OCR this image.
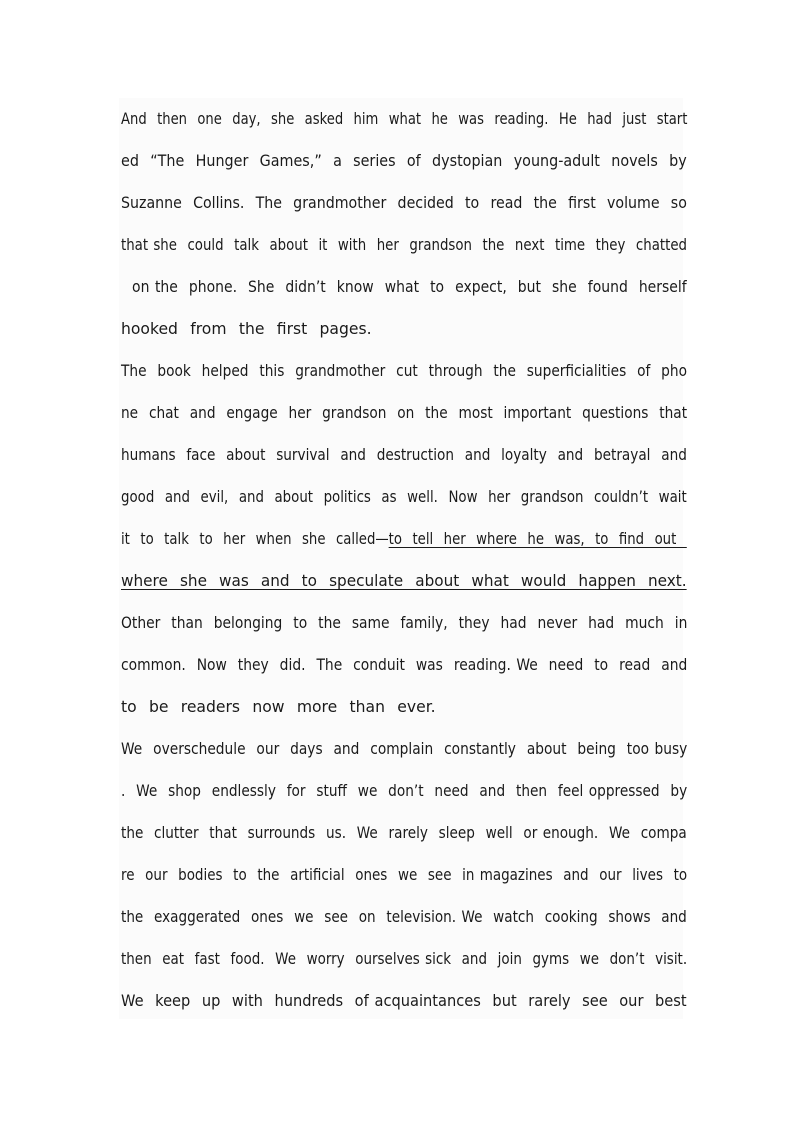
And  then  one  day,  she  asked  him  what  he  was  reading.  He  had  just  start
ed  “The  Hunger  Games,”  a  series  of  dystopian  young-adult  novels  by
Suzanne  Collins.  The  grandmother  decided  to  read  the  first  volume  so
that she  could  talk  about  it  with  her  grandson  the  next  time  they  chatted
on the  phone.  She  didn’t  know  what  to  expect,  but  she  found  herself
hooked  from  the  first  pages.
The  book  helped  this  grandmother  cut  through  the  superficialities  of  pho
ne  chat  and  engage  her  grandson  on  the  most  important  questions  that
humans  face  about  survival  and  destruction  and  loyalty  and  betrayal  and
good  and  evil,  and  about  politics  as  well.  Now  her  grandson  couldn’t  wait
it  to  talk  to  her  when  she  called—to  tell  her  where  he  was,  to  find  out
where  she  was  and  to  speculate  about  what  would  happen  next.
Other  than  belonging  to  the  same  family,  they  had  never  had  much  in
common.  Now  they  did.  The  conduit  was  reading. We  need  to  read  and
to  be  readers  now  more  than  ever.
We  overschedule  our  days  and  complain  constantly  about  being  too busy
.  We  shop  endlessly  for  stuff  we  don’t  need  and  then  feel oppressed  by
the  clutter  that  surrounds  us.  We  rarely  sleep  well  or enough.  We  compa
re  our  bodies  to  the  artificial  ones  we  see  in magazines  and  our  lives  to
the  exaggerated  ones  we  see  on  television. We  watch  cooking  shows  and
then  eat  fast  food.  We  worry  ourselves sick  and  join  gyms  we  don’t  visit.
We  keep  up  with  hundreds  of acquaintances  but  rarely  see  our  best
